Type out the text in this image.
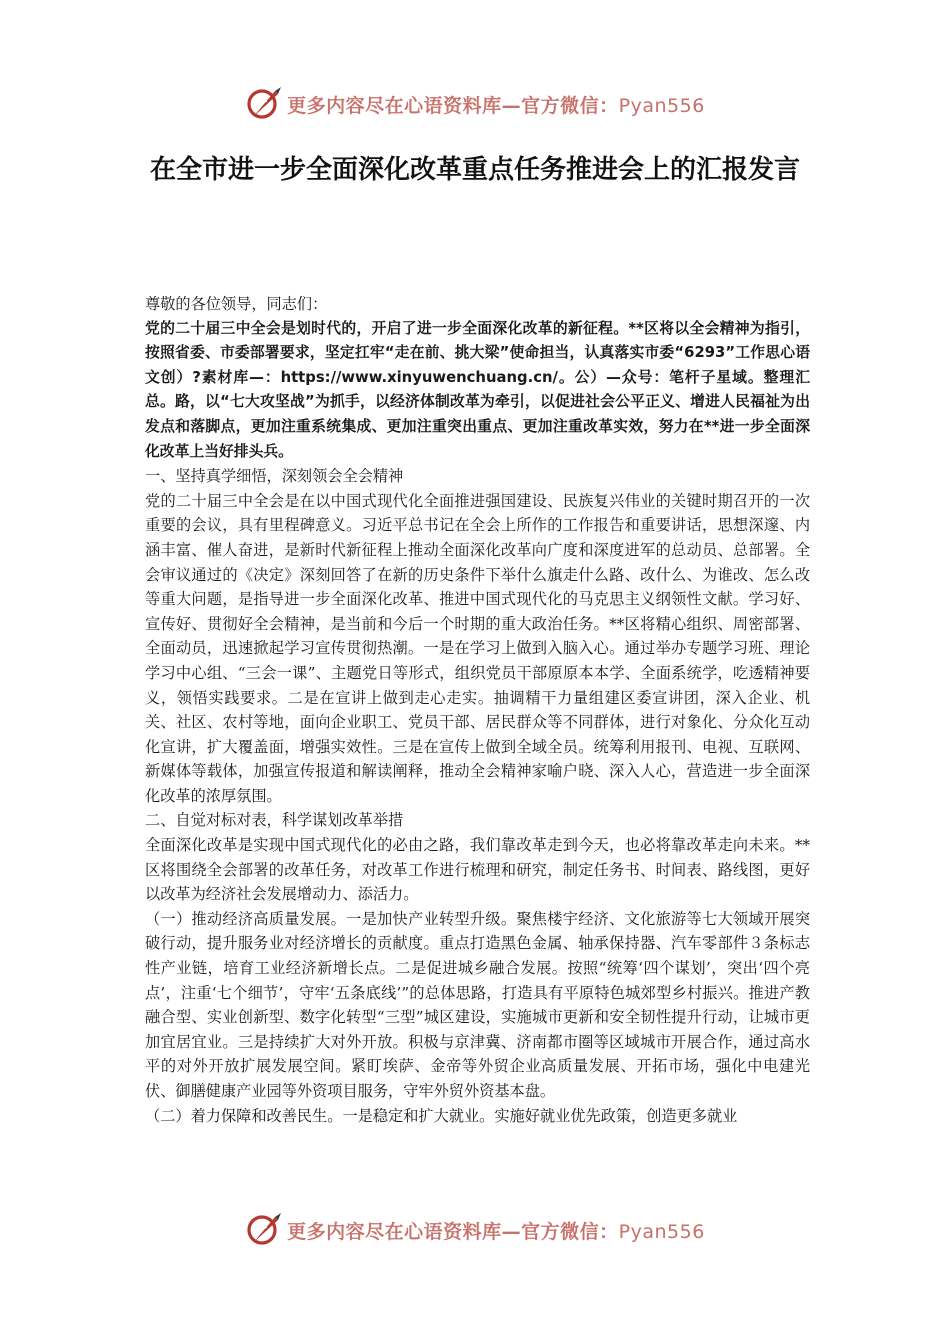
更多内容尽在心语资料库—官方微信：Pyan556
在全市进一步全面深化改革重点任务推进会上的汇报发言

尊敬的各位领导，同志们：

党的二十届三中全会是划时代的，开启了进一步全面深化改革的新征程。**区将以全会精神为指引，按照省委、市委部署要求，坚定扛牢“走在前、挑大梁”使命担当，认真落实市委“6293”工作思心语文创）?素材库—：https://www.xinyuwenchuang.cn/。公）—众号：笔杆子星域。整理汇总。路，以“七大攻坚战”为抓手，以经济体制改革为牵引，以促进社会公平正义、增进人民福祉为出发点和落脚点，更加注重系统集成、更加注重突出重点、更加注重改革实效，努力在**进一步全面深化改革上当好排头兵。

一、坚持真学细悟，深刻领会全会精神

党的二十届三中全会是在以中国式现代化全面推进强国建设、民族复兴伟业的关键时期召开的一次重要的会议，具有里程碑意义。习近平总书记在全会上所作的工作报告和重要讲话，思想深邃、内涵丰富、催人奋进，是新时代新征程上推动全面深化改革向广度和深度进军的总动员、总部署。全会审议通过的《决定》深刻回答了在新的历史条件下举什么旗走什么路、改什么、为谁改、怎么改等重大问题，是指导进一步全面深化改革、推进中国式现代化的马克思主义纲领性文献。学习好、宣传好、贯彻好全会精神，是当前和今后一个时期的重大政治任务。**区将精心组织、周密部署、全面动员，迅速掀起学习宣传贯彻热潮。一是在学习上做到入脑入心。通过举办专题学习班、理论学习中心组、“三会一课”、主题党日等形式，组织党员干部原原本本学、全面系统学，吃透精神要义，领悟实践要求。二是在宣讲上做到走心走实。抽调精干力量组建区委宣讲团，深入企业、机关、社区、农村等地，面向企业职工、党员干部、居民群众等不同群体，进行对象化、分众化互动化宣讲，扩大覆盖面，增强实效性。三是在宣传上做到全域全员。统筹利用报刊、电视、互联网、新媒体等载体，加强宣传报道和解读阐释，推动全会精神家喻户晓、深入人心，营造进一步全面深化改革的浓厚氛围。

二、自觉对标对表，科学谋划改革举措

全面深化改革是实现中国式现代化的必由之路，我们靠改革走到今天，也必将靠改革走向未来。**区将围绕全会部署的改革任务，对改革工作进行梳理和研究，制定任务书、时间表、路线图，更好以改革为经济社会发展增动力、添活力。

（一）推动经济高质量发展。一是加快产业转型升级。聚焦楼宇经济、文化旅游等七大领域开展突破行动，提升服务业对经济增长的贡献度。重点打造黑色金属、轴承保持器、汽车零部件３条标志性产业链，培育工业经济新增长点。二是促进城乡融合发展。按照“统筹‘四个谋划’，突出‘四个亮点’，注重‘七个细节’，守牢‘五条底线’”的总体思路，打造具有平原特色城郊型乡村振兴。推进产教融合型、实业创新型、数字化转型“三型”城区建设，实施城市更新和安全韧性提升行动，让城市更加宜居宜业。三是持续扩大对外开放。积极与京津冀、济南都市圈等区域城市开展合作，通过高水平的对外开放扩展发展空间。紧盯埃萨、金帝等外贸企业高质量发展、开拓市场，强化中电建光伏、御膳健康产业园等外资项目服务，守牢外贸外资基本盘。

（二）着力保障和改善民生。一是稳定和扩大就业。实施好就业优先政策，创造更多就业

更多内容尽在心语资料库—官方微信：Pyan556
